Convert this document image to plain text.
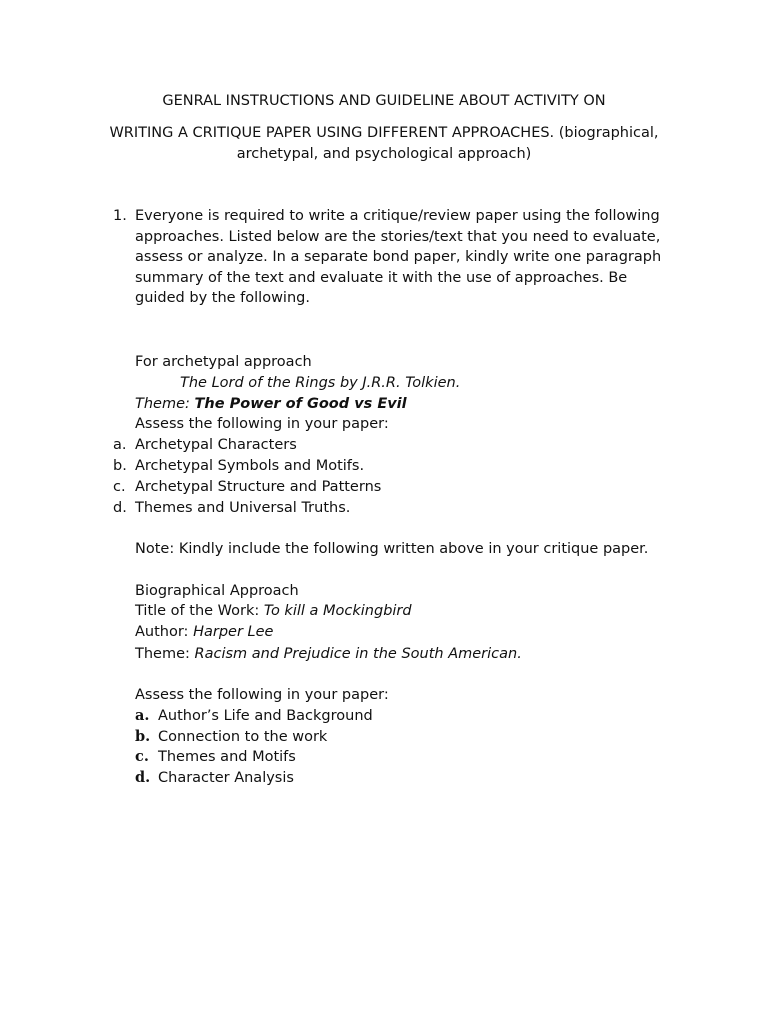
GENRAL INSTRUCTIONS AND GUIDELINE ABOUT ACTIVITY ON

WRITING A CRITIQUE PAPER USING DIFFERENT APPROACHES. (biographical, archetypal, and psychological approach)

1. Everyone is required to write a critique/review paper using the following approaches. Listed below are the stories/text that you need to evaluate, assess or analyze. In a separate bond paper, kindly write one paragraph summary of the text and evaluate it with the use of approaches. Be guided by the following.
For archetypal approach
The Lord of the Rings by J.R.R. Tolkien.
Theme: The Power of Good vs Evil
Assess the following in your paper:
a. Archetypal Characters
b. Archetypal Symbols and Motifs.
c. Archetypal Structure and Patterns
d. Themes and Universal Truths.
Note: Kindly include the following written above in your critique paper.
Biographical Approach
Title of the Work: To kill a Mockingbird
Author: Harper Lee
Theme: Racism and Prejudice in the South American.
Assess the following in your paper:
a. Author’s Life and Background
b. Connection to the work
c. Themes and Motifs
d. Character Analysis
